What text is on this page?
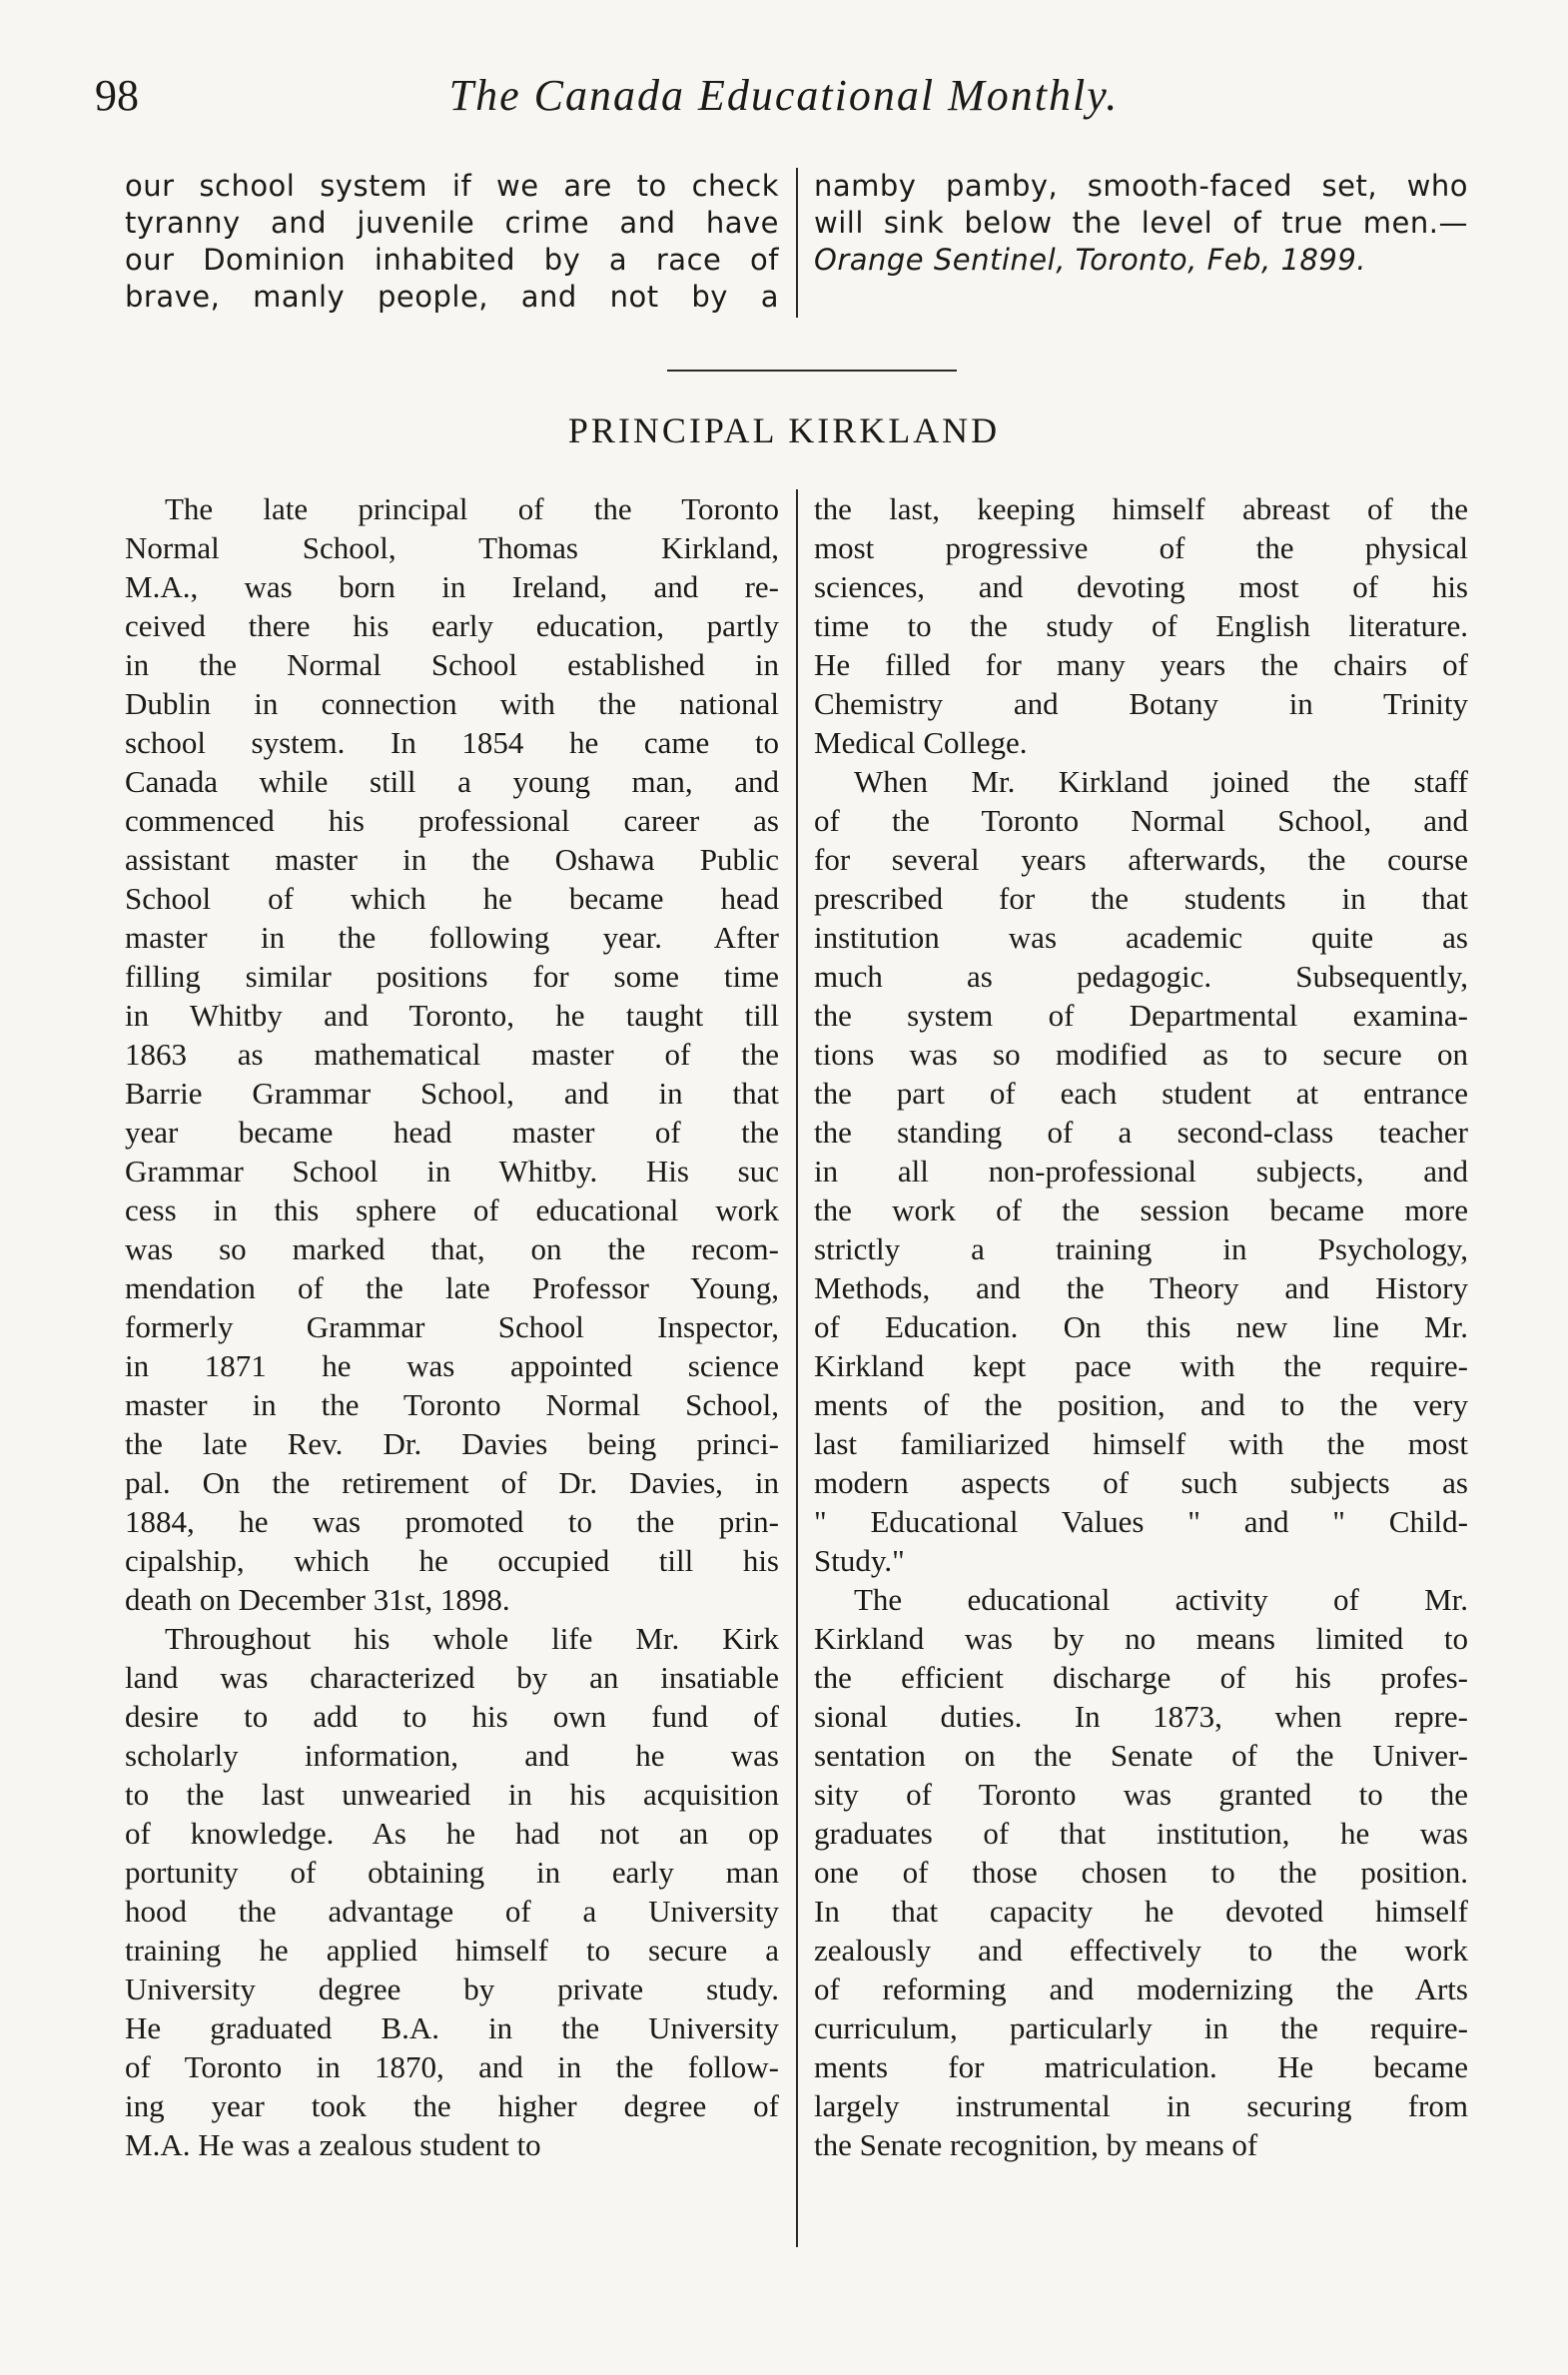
98	The Canada Educational Monthly.
our school system if we are to check
tyranny and juvenile crime and have
our Dominion inhabited by a race of
brave, manly people, and not by a
namby pamby, smooth-faced set, who
will sink below the level of true men.—
Orange Sentinel, Toronto, Feb, 1899.
PRINCIPAL KIRKLAND
The late principal of the Toronto
Normal School, Thomas Kirkland,
M.A., was born in Ireland, and re-
ceived there his early education, partly
in the Normal School established in
Dublin in connection with the national
school system. In 1854 he came to
Canada while still a young man, and
commenced his professional career as
assistant master in the Oshawa Public
School of which he became head
master in the following year. After
filling similar positions for some time
in Whitby and Toronto, he taught till
1863 as mathematical master of the
Barrie Grammar School, and in that
year became head master of the
Grammar School in Whitby. His suc
cess in this sphere of educational work
was so marked that, on the recom-
mendation of the late Professor Young,
formerly Grammar School Inspector,
in 1871 he was appointed science
master in the Toronto Normal School,
the late Rev. Dr. Davies being princi-
pal. On the retirement of Dr. Davies, in
1884, he was promoted to the prin-
cipalship, which he occupied till his
death on December 31st, 1898.
Throughout his whole life Mr. Kirk
land was characterized by an insatiable
desire to add to his own fund of
scholarly information, and he was
to the last unwearied in his acquisition
of knowledge. As he had not an op
portunity of obtaining in early man
hood the advantage of a University
training he applied himself to secure a
University degree by private study.
He graduated B.A. in the University
of Toronto in 1870, and in the follow-
ing year took the higher degree of
M.A. He was a zealous student to
the last, keeping himself abreast of the
most progressive of the physical
sciences, and devoting most of his
time to the study of English literature.
He filled for many years the chairs of
Chemistry and Botany in Trinity
Medical College.
When Mr. Kirkland joined the staff
of the Toronto Normal School, and
for several years afterwards, the course
prescribed for the students in that
institution was academic quite as
much as pedagogic. Subsequently,
the system of Departmental examina-
tions was so modified as to secure on
the part of each student at entrance
the standing of a second-class teacher
in all non-professional subjects, and
the work of the session became more
strictly a training in Psychology,
Methods, and the Theory and History
of Education. On this new line Mr.
Kirkland kept pace with the require-
ments of the position, and to the very
last familiarized himself with the most
modern aspects of such subjects as
" Educational Values " and " Child-
Study."
The educational activity of Mr.
Kirkland was by no means limited to
the efficient discharge of his profes-
sional duties. In 1873, when repre-
sentation on the Senate of the Univer-
sity of Toronto was granted to the
graduates of that institution, he was
one of those chosen to the position.
In that capacity he devoted himself
zealously and effectively to the work
of reforming and modernizing the Arts
curriculum, particularly in the require-
ments for matriculation. He became
largely instrumental in securing from
the Senate recognition, by means of
